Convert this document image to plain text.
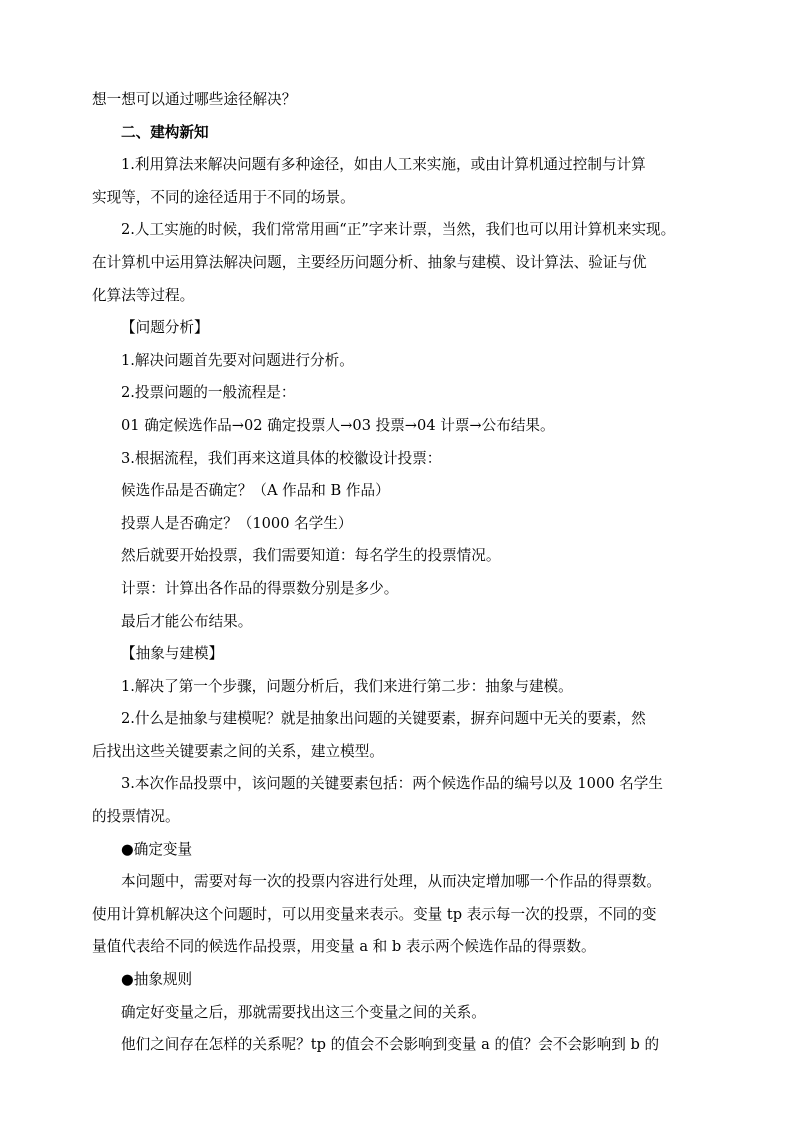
想一想可以通过哪些途径解决？

二、建构新知

1.利用算法来解决问题有多种途径，如由人工来实施，或由计算机通过控制与计算

实现等，不同的途径适用于不同的场景。

2.人工实施的时候，我们常常用画“正”字来计票，当然，我们也可以用计算机来实现。

在计算机中运用算法解决问题，主要经历问题分析、抽象与建模、设计算法、验证与优

化算法等过程。

【问题分析】

1.解决问题首先要对问题进行分析。

2.投票问题的一般流程是：

01 确定候选作品→02 确定投票人→03 投票→04 计票→公布结果。

3.根据流程，我们再来这道具体的校徽设计投票：

候选作品是否确定？（A 作品和 B 作品）

投票人是否确定？（1000 名学生）

然后就要开始投票，我们需要知道：每名学生的投票情况。

计票：计算出各作品的得票数分别是多少。

最后才能公布结果。

【抽象与建模】

1.解决了第一个步骤，问题分析后，我们来进行第二步：抽象与建模。

2.什么是抽象与建模呢？就是抽象出问题的关键要素，摒弃问题中无关的要素，然

后找出这些关键要素之间的关系，建立模型。

3.本次作品投票中，该问题的关键要素包括：两个候选作品的编号以及 1000 名学生

的投票情况。

●确定变量

本问题中，需要对每一次的投票内容进行处理，从而决定增加哪一个作品的得票数。

使用计算机解决这个问题时，可以用变量来表示。变量 tp 表示每一次的投票，不同的变

量值代表给不同的候选作品投票，用变量 a 和 b 表示两个候选作品的得票数。

●抽象规则

确定好变量之后，那就需要找出这三个变量之间的关系。

他们之间存在怎样的关系呢？tp 的值会不会影响到变量 a 的值？会不会影响到 b 的
